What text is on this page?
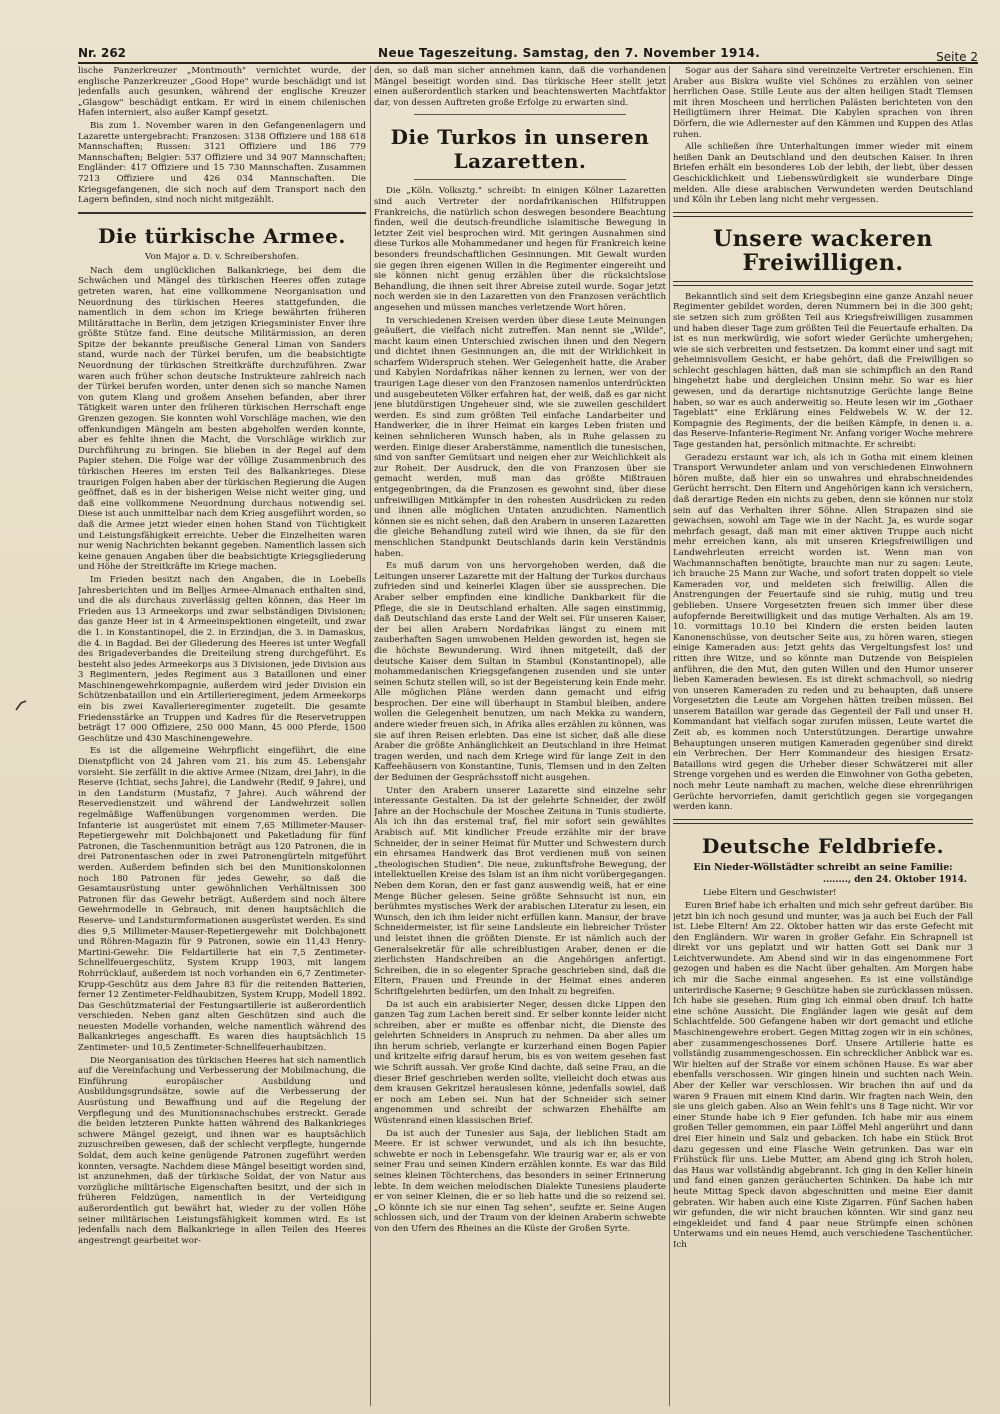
Nr. 262	Neue Tageszeitung. Samstag, den 7. November 1914.	Seite 2

lische Panzerkreuzer „Montmouth" vernichtet wurde, der englische Panzerkreuzer „Good Hope" wurde beschädigt und ist jedenfalls auch gesunken, während der englische Kreuzer „Glasgow" beschädigt entkam. Er wird in einem chilenischen Hafen interniert, also außer Kampf gesetzt.

Bis zum 1. November waren in den Gefangenenlagern und Lazarette untergebracht: Franzosen: 3138 Offiziere und 188 618 Mannschaften; Russen: 3121 Offiziere und 186 779 Mannschaften; Belgier: 537 Offiziere und 34 907 Mannschaften; Engländer: 417 Offiziere und 15 730 Mannschaften. Zusammen 7213 Offiziere und 426 034 Mannschaften. Die Kriegsgefangenen, die sich noch auf dem Transport nach den Lagern befinden, sind noch nicht mitgezählt.

Die türkische Armee.

Von Major a. D. v. Schreibershofen.

Nach dem unglücklichen Balkankriege, bei dem die Schwächen und Mängel des türkischen Heeres offen zutage getreten waren, hat eine vollkommene Neorganisation und Neuordnung des türkischen Heeres stattgefunden, die namentlich in dem schon im Kriege bewährten früheren Militärattache in Berlin, dem jetzigen Kriegsminister Enver ihre größte Stütze fand. Eine deutsche Militärmission, an deren Spitze der bekannte preußische General Liman von Sanders stand, wurde nach der Türkei berufen, um die beabsichtigte Neuordnung der türkischen Streitkräfte durchzuführen. Zwar waren auch früher schon deutsche Instrukteure zahlreich nach der Türkei berufen worden, unter denen sich so manche Namen von gutem Klang und großem Ansehen befanden, aber ihrer Tätigkeit waren unter den früheren türkischen Herrschaft enge Grenzen gezogen. Sie konnten wohl Vorschläge machen, wie den offenkundigen Mängeln am besten abgeholfen werden konnte, aber es fehlte ihnen die Macht, die Vorschläge wirklich zur Durchführung zu bringen. Sie blieben in der Regel auf dem Papier stehen. Die Folge war der völlige Zusammenbruch des türkischen Heeres im ersten Teil des Balkankrieges. Diese traurigen Folgen haben aber der türkischen Regierung die Augen geöffnet, daß es in der bisherigen Weise nicht weiter ging, und daß eine vollkommene Neuordnung durchaus notwendig sei. Diese ist auch unmittelbar nach dem Krieg ausgeführt worden, so daß die Armee jetzt wieder einen hohen Stand von Tüchtigkeit und Leistungsfähigkeit erreichte. Ueber die Einzelheiten waren nur wenig Nachrichten bekannt gegeben. Namentlich lassen sich keine genauen Angaben über die beabsichtigte Kriegsgliederung und Höhe der Streitkräfte im Kriege machen.

Im Frieden besitzt nach den Angaben, die in Loebells Jahresberichten und im Belljes Armee-Almanach enthalten sind, und die als durchaus zuverlässig gelten können, das Heer im Frieden aus 13 Armeekorps und zwar selbständigen Divisionen; das ganze Heer ist in 4 Armeeinspektionen eingeteilt, und zwar die 1. in Konstantinopel, die 2. in Erzindjan, die 3. in Damaskus, die 4. in Bagdad. Bei der Gliederung des Heeres ist unter Wegfall des Brigadeverbandes die Dreiteilung streng durchgeführt. Es besteht also jedes Armeekorps aus 3 Divisionen, jede Division aus 3 Regimentern, jedes Regiment aus 3 Bataillonen und einer Maschinengewehrkompagnie, außerdem wird jeder Division ein Schützenbataillon und ein Artillerieregiment, jedem Armeekorps ein bis zwei Kavallerieregimenter zugeteilt. Die gesamte Friedensstärke an Truppen und Kadres für die Reservetruppen beträgt 17 000 Offiziere, 250 000 Mann, 45 000 Pferde, 1500 Geschütze und 430 Maschinengewehre.

Es ist die allgemeine Wehrpflicht eingeführt, die eine Dienstpflicht von 24 Jahren vom 21. bis zum 45. Lebensjahr vorsieht. Sie zerfällt in die aktive Armee (Nizam, drei Jahr), in die Reserve (Ichtiat, sechs Jahre), die Landwehr (Redif, 9 Jahre), und in den Landsturm (Mustafiz, 7 Jahre). Auch während der Reservedienstzeit und während der Landwehrzeit sollen regelmäßige Waffenübungen vorgenommen werden. Die Infanterie ist ausgerüstet mit einem 7,65 Millimeter-Mauser-Repetiergewehr mit Dolchbajonett und Paketladung für fünf Patronen, die Taschenmunition beträgt aus 120 Patronen, die in drei Patronentaschen oder in zwei Patronengürteln mitgeführt werden. Außerdem befinden sich bei den Munitionskolonnen noch 180 Patronen für jedes Gewehr, so daß die Gesamtausrüstung unter gewöhnlichen Verhältnissen 300 Patronen für das Gewehr beträgt. Außerdem sind noch ältere Gewehrmodelle in Gebrauch, mit denen hauptsächlich die Reserve- und Landsturmformationen ausgerüstet werden. Es sind dies 9,5 Millimeter-Mauser-Repetiergewehr mit Dolchbajonett und Röhren-Magazin für 9 Patronen, sowie ein 11,43 Henry-Martini-Gewehr. Die Feldartillerie hat ein 7,5 Zentimeter-Schnellfeuergeschütz, System Krupp 1903, mit langem Rohrrücklauf, außerdem ist noch vorhanden ein 6,7 Zentimeter-Krupp-Geschütz aus dem Jahre 83 für die reitenden Batterien, ferner 12 Zentimeter-Feldhaubitzen, System Krupp, Modell 1892. Das Geschützmaterial der Festungsartillerie ist außerordentlich verschieden. Neben ganz alten Geschützen sind auch die neuesten Modelle vorhanden, welche namentlich während des Balkankrieges angeschafft. Es waren dies hauptsächlich 15 Zentimeter- und 10,5 Zentimeter-Schnellfeuerhaubitzen.

Die Neorganisation des türkischen Heeres hat sich namentlich auf die Vereinfachung und Verbesserung der Mobilmachung, die Einführung europäischer Ausbildung und Ausbildungsgrundsätze, sowie auf die Verbesserung der Ausrüstung und Bewaffnung und auf die Regelung der Verpflegung und des Munitionsnachschubes erstreckt. Gerade die beiden letzteren Punkte hatten während des Balkankrieges schwere Mängel gezeigt, und ihnen war es hauptsächlich zuzuschreiben gewesen, daß der schlecht verpflegte, hungernde Soldat, dem auch keine genügende Patronen zugeführt werden konnten, versagte. Nachdem diese Mängel beseitigt worden sind, ist anzunehmen, daß der türkische Soldat, der von Natur aus vorzügliche militärische Eigenschaften besitzt, und der sich in früheren Feldzügen, namentlich in der Verteidigung außerordentlich gut bewährt hat, wieder zu der vollen Höhe seiner militärischen Leistungsfähigkeit kommen wird. Es ist jedenfalls nach dem Balkankriege in allen Teilen des Heeres angestrengt gearbeitet wor-

den, so daß man sicher annehmen kann, daß die vorhandenen Mängel beseitigt worden sind. Das türkische Heer stellt jetzt einen außerordentlich starken und beachtenswerten Machtfaktor dar, von dessen Auftreten große Erfolge zu erwarten sind.

Die Turkos in unseren Lazaretten.

Die „Köln. Volksztg." schreibt: In einigen Kölner Lazaretten sind auch Vertreter der nordafrikanischen Hilfstruppen Frankreichs, die natürlich schon deswegen besondere Beachtung finden, weil die deutsch-freundliche islamitische Bewegung in letzter Zeit viel besprochen wird. Mit geringen Ausnahmen sind diese Turkos alle Mohammedaner und hegen für Frankreich keine besonders freundschaftlichen Gesinnungen. Mit Gewalt wurden sie gegen ihren eigenen Willen in die Regimenter eingereiht und sie können nicht genug erzählen über die rücksichtslose Behandlung, die ihnen seit ihrer Abreise zuteil wurde. Sogar jetzt noch werden sie in den Lazaretten von den Franzosen verächtlich angesehen und müssen manches verletzende Wort hören.

In verschiedenen Kreisen werden über diese Leute Meinungen geäußert, die vielfach nicht zutreffen. Man nennt sie „Wilde", macht kaum einen Unterschied zwischen ihnen und den Negern und dichtet ihnen Gesinnungen an, die mit der Wirklichkeit in scharfem Widerspruch stehen. Wer Gelegenheit hatte, die Araber und Kabylen Nordafrikas näher kennen zu lernen, wer von der traurigen Lage dieser von den Franzosen namenlos unterdrückten und ausgebeuteten Völker erfahren hat, der weiß, daß es gar nicht jene blutdürstigen Ungeheuer sind, wie sie zuweilen geschildert werden. Es sind zum größten Teil einfache Landarbeiter und Handwerker, die in ihrer Heimat ein karges Leben fristen und keinen sehnlicheren Wunsch haben, als in Ruhe gelassen zu werden. Einige dieser Araberstämme, namentlich die tunesischen, sind von sanfter Gemütsart und neigen eher zur Weichlichkeit als zur Roheit. Der Ausdruck, den die von Franzosen über sie gemacht werden, muß man das größte Mißtrauen entgegenbringen, da die Franzosen es gewohnt sind, über diese unfreiwilligen Mitkämpfer in den rohesten Ausdrücken zu reden und ihnen alle möglichen Untaten anzudichten. Namentlich können sie es nicht sehen, daß den Arabern in unseren Lazaretten die gleiche Behandlung zuteil wird wie ihnen, da sie für den menschlichen Standpunkt Deutschlands darin kein Verständnis haben.

Es muß darum von uns hervorgehoben werden, daß die Leitungen unserer Lazarette mit der Haltung der Turkos durchaus zufrieden sind und keinerlei Klagen über sie aussprechen. Die Araber selber empfinden eine kindliche Dankbarkeit für die Pflege, die sie in Deutschland erhalten. Alle sagen einstimmig, daß Deutschland das erste Land der Welt sei. Für unseren Kaiser, der bei allen Arabern Nordafrikas längst zu einem mit zauberhaften Sagen umwobenen Helden geworden ist, hegen sie die höchste Bewunderung. Wird ihnen mitgeteilt, daß der deutsche Kaiser dem Sultan in Stambul (Konstantinopel), alle mohammedanischen Kriegsgefangenen zusenden und sie unter seinen Schutz stellen will, so ist der Begeisterung kein Ende mehr. Alle möglichen Pläne werden dann gemacht und eifrig besprochen. Der eine will überhaupt in Stambul bleiben, andere wollen die Gelegenheit benutzen, um nach Mekka zu wandern, andere wieder freuen sich, in Afrika alles erzählen zu können, was sie auf ihren Reisen erlebten. Das eine ist sicher, daß alle diese Araber die größte Anhänglichkeit an Deutschland in ihre Heimat tragen werden, und nach dem Kriege wird für lange Zeit in den Kaffeehäusern von Konstantine, Tunis, Tlemsen und in den Zelten der Beduinen der Gesprächsstoff nicht ausgehen.

Unter den Arabern unserer Lazarette sind einzelne sehr interessante Gestalten. Da ist der gelehrte Schneider, der zwölf Jahre an der Hochschule der Moschee Zeituna in Tunis studierte. Als ich ihn das erstemal traf, fiel mir sofort sein gewähltes Arabisch auf. Mit kindlicher Freude erzählte mir der brave Schneider, der in seiner Heimat für Mutter und Schwestern durch ein ehrsames Handwerk das Brot verdienen muß von seinen „theologischen Studien". Die neue, zukunftsfrohe Bewegung, der intellektuellen Kreise des Islam ist an ihm nicht vorübergegangen. Neben dem Koran, den er fast ganz auswendig weiß, hat er eine Menge Bücher gelesen. Seine größte Sehnsucht ist nun, ein berühmtes mystisches Werk der arabischen Literatur zu lesen, ein Wunsch, den ich ihm leider nicht erfüllen kann. Mansur, der brave Schneidermeister, ist für seine Landsleute ein liebreicher Tröster und leistet ihnen die größten Dienste. Er ist nämlich auch der Generalsekretär für alle schreiblustigen Araber, denen er die zierlichsten Handschreiben an die Angehörigen anfertigt. Schreiben, die in so elegenter Sprache geschrieben sind, daß die Eltern, Frauen und Freunde in der Heimat eines anderen Schriftgelehrten bedürfen, um den Inhalt zu begreifen.

Da ist auch ein arabisierter Neger, dessen dicke Lippen den ganzen Tag zum Lachen bereit sind. Er selber konnte leider nicht schreiben, aber er mußte es offenbar nicht, die Dienste des gelehrten Schneiders in Anspruch zu nehmen. Da aber alles um ihn herum schrieb, verlangte er kurzerhand einen Bogen Papier und kritzelte eifrig darauf herum, bis es von weitem gesehen fast wie Schrift aussah. Ver große Kind dachte, daß seine Frau, an die dieser Brief geschrieben werden sollte, vielleicht doch etwas aus dem krausen Gekritzel herauslesen könne, jedenfalls sowiel, daß er noch am Leben sei. Nun hat der Schneider sich seiner angenommen und schreibt der schwarzen Ehehälfte am Wüstenrand einen klassischen Brief.

Da ist auch der Tunesier aus Saja, der lieblichen Stadt am Meere. Er ist schwer verwundet, und als ich ihn besuchte, schwebte er noch in Lebensgefahr. Wie traurig war er, als er von seiner Frau und seinen Kindern erzählen konnte. Es war das Bild seines kleinen Töchterchens, das besonders in seiner Erinnerung lebte. In dem weichen melodischen Dialekte Tunesiens plauderte er von seiner Kleinen, die er so lieb hatte und die so reizend sei. „O könnte ich sie nur einen Tag sehen", seufzte er. Seine Augen schlossen sich, und der Traum von der kleinen Araberin schwebte von den Ufern des Rheines an die Küste der Großen Syrte.

Sogar aus der Sahara sind vereinzelte Vertreter erschienen. Ein Araber aus Biskra wußte viel Schönes zu erzählen von seiner herrlichen Oase. Stille Leute aus der alten heiligen Stadt Tlemsen mit ihren Moscheen und herrlichen Palästen berichteten von den Heiligtümern ihrer Heimat. Die Kabylen sprachen von ihren Dörfern, die wie Adlernester auf den Kämmen und Kuppen des Atlas ruhen.

Alle schließen ihre Unterhaltungen immer wieder mit einem heißen Dank an Deutschland und den deutschen Kaiser. In ihren Briefen erhält ein besonderes Lob der lebih, der liebt, über dessen Geschicklichkeit und Liebenswürdigkeit sie wunderbare Dinge melden. Alle diese arabischen Verwundeten werden Deutschland und Köln ihr Leben lang nicht mehr vergessen.

Unsere wackeren Freiwilligen.

Bekanntlich sind seit dem Kriegsbeginn eine ganze Anzahl neuer Regimenter gebildet worden, deren Nummern bei in die 300 geht; sie setzen sich zum größten Teil aus Kriegsfreiwilligen zusammen und haben dieser Tage zum größten Teil die Feuertaufe erhalten. Da ist es nun merkwürdig, wie sofort wieder Gerüchte umhergehen; wie sie sich verbreiten und festsetzen. Da kommt einer und sagt mit geheimnisvollem Gesicht, er habe gehört, daß die Freiwilligen so schlecht geschlagen hätten, daß man sie schimpflich an den Rand hingehetzt habe und dergleichen Unsinn mehr. So war es hier gewesen, und da derartige nichtsnutzige Gerüchte lange Beine haben, so war es auch anderweitig so. Heute lesen wir im „Gothaer Tageblatt" eine Erklärung eines Feldwebels W. W. der 12. Kompagnie des Regiments, der die beißen Kämpfe, in denen u. a. das Reserve-Infanterie-Regiment Nr. Anfang voriger Woche mehrere Tage gestanden hat, persönlich mitmachte. Er schreibt:

Geradezu erstaunt war ich, als ich in Gotha mit einem kleinen Transport Verwundeter anlam und von verschiedenen Einwohnern hören mußte, daß hier ein so unwahres und ehrabschneidendes Gerücht herrscht. Den Eltern und Angehörigen kann ich versichern, daß derartige Reden ein nichts zu geben, denn sie können nur stolz sein auf das Verhalten ihrer Söhne. Allen Strapazen sind sie gewachsen, sowohl am Tage wie in der Nacht. Ja, es wurde sogar mehrfach gesagt, daß man mit einer aktiven Truppe auch nicht mehr erreichen kann, als mit unseren Kriegsfreiwilligen und Landwehrleuten erreicht worden ist. Wenn man von Wachmannschaften benötigte, brauchte man nur zu sagen: Leute, ich brauche 25 Mann zur Wache, und sofort traten doppelt so viele Kameraden vor, und meldeten sich freiwillig. Allen die Anstrengungen der Feuertaufe sind sie ruhig, mutig und treu geblieben. Unsere Vorgesetzten freuen sich immer über diese aufopfernde Bereitwilligkeit und das mutige Verhalten. Als am 19. 10. vormittags 10.10 bei Kindern die ersten beiden lauten Kanonenschüsse, von deutscher Seite aus, zu hören waren, stiegen einige Kameraden aus: Jetzt gehts das Vergeltungsfest los! und ritten ihre Witze, und so könnte man Dutzende von Beispielen anführen, die den Mut, den guten Willen und den Humor unserer lieben Kameraden bewiesen. Es ist direkt schmachvoll, so niedrig von unseren Kameraden zu reden und zu behaupten, daß unsere Vorgesetzten die Leute am Vorgehen hätten treiben müssen. Bei unserem Bataillon war gerade das Gegenteil der Fall und unser H. Kommandant hat vielfach sogar zurufen müssen, Leute wartet die Zeit ab, es kommen noch Unterstützungen. Derartige unwahre Behauptungen unseren mutigen Kameraden gegenüber sind direkt ein Verbrechen. Der Herr Kommandeur des hiesigen Ersatz-Bataillons wird gegen die Urheber dieser Schwätzerei mit aller Strenge vorgehen und es werden die Einwohner von Gotha gebeten, noch mehr Leute namhaft zu machen, welche diese ehrenrührigen Gerüchte hervorriefen, damit gerichtlich gegen sie vorgegangen werden kann.

Deutsche Feldbriefe.

Ein Nieder-Wöllstädter schreibt an seine Familie:

........, den 24. Oktober 1914.

Liebe Eltern und Geschwister!

Euren Brief habe ich erhalten und mich sehr gefreut darüber. Bis jetzt bin ich noch gesund und munter, was ja auch bei Euch der Fall ist. Liebe Eltern! Am 22. Oktober hatten wir das erste Gefecht mit den Engländern. Wir waren in großer Gefahr. Ein Schrapnell ist direkt vor uns geplatzt und wir hatten Gott sei Dank nur 3 Leichtverwundete. Am Abend sind wir in das eingenommene Fort gezogen und haben es die Nacht über gehalten. Am Morgen habe ich mir die Sache einmal angesehen. Es ist eine vollständige unterirdische Kaserne; 9 Geschütze haben sie zurücklassen müssen. Ich habe sie gesehen. Rum ging ich einmal oben drauf. Ich hatte eine schöne Aussicht. Die Engländer lagen wie gesät auf dem Schlachtfelde. 500 Gefangene haben wir dort gemacht und etliche Maschinengewehre erobert. Gegen Mittag zogen wir in ein schönes, aber zusammengeschossenes Dorf. Unsere Artillerie hatte es vollständig zusammengeschossen. Ein schrecklicher Anblick war es. Wir hielten auf der Straße vor einem schönen Hause. Es war aber ebenfalls verschossen. Wir gingen hinein und suchten nach Wein. Aber der Keller war verschlossen. Wir brachen ihn auf und da waren 9 Frauen mit einem Kind darin. Wir fragten nach Wein, den sie uns gleich gaben. Also an Wein fehlt's uns 8 Tage nicht. Wir vor einer Stunde habe ich 9 Eier gefunden. Ich habe mir aus einem großen Teller gemommen, ein paar Löffel Mehl angerührt und dann drei Eier hinein und Salz und gebacken. Ich habe ein Stück Brot dazu gegessen und eine Flasche Wein getrunken. Das war ein Frühstück für uns. Liebe Mutter, am Abend ging ich Stroh holen, das Haus war vollständig abgebrannt. Ich ging in den Keller hinein und fand einen ganzen geräucherten Schinken. Da habe ich mir heute Mittag Speck davon abgeschnitten und meine Eier damit gebraten. Wir haben auch eine Kiste Zigarren. Fünf Sachen haben wir gefunden, die wir nicht brauchen könnten. Wir sind ganz neu eingekleidet und fand 4 paar neue Strümpfe einen schönen Unterwams und ein neues Hemd, auch verschiedene Taschentücher. Ich
